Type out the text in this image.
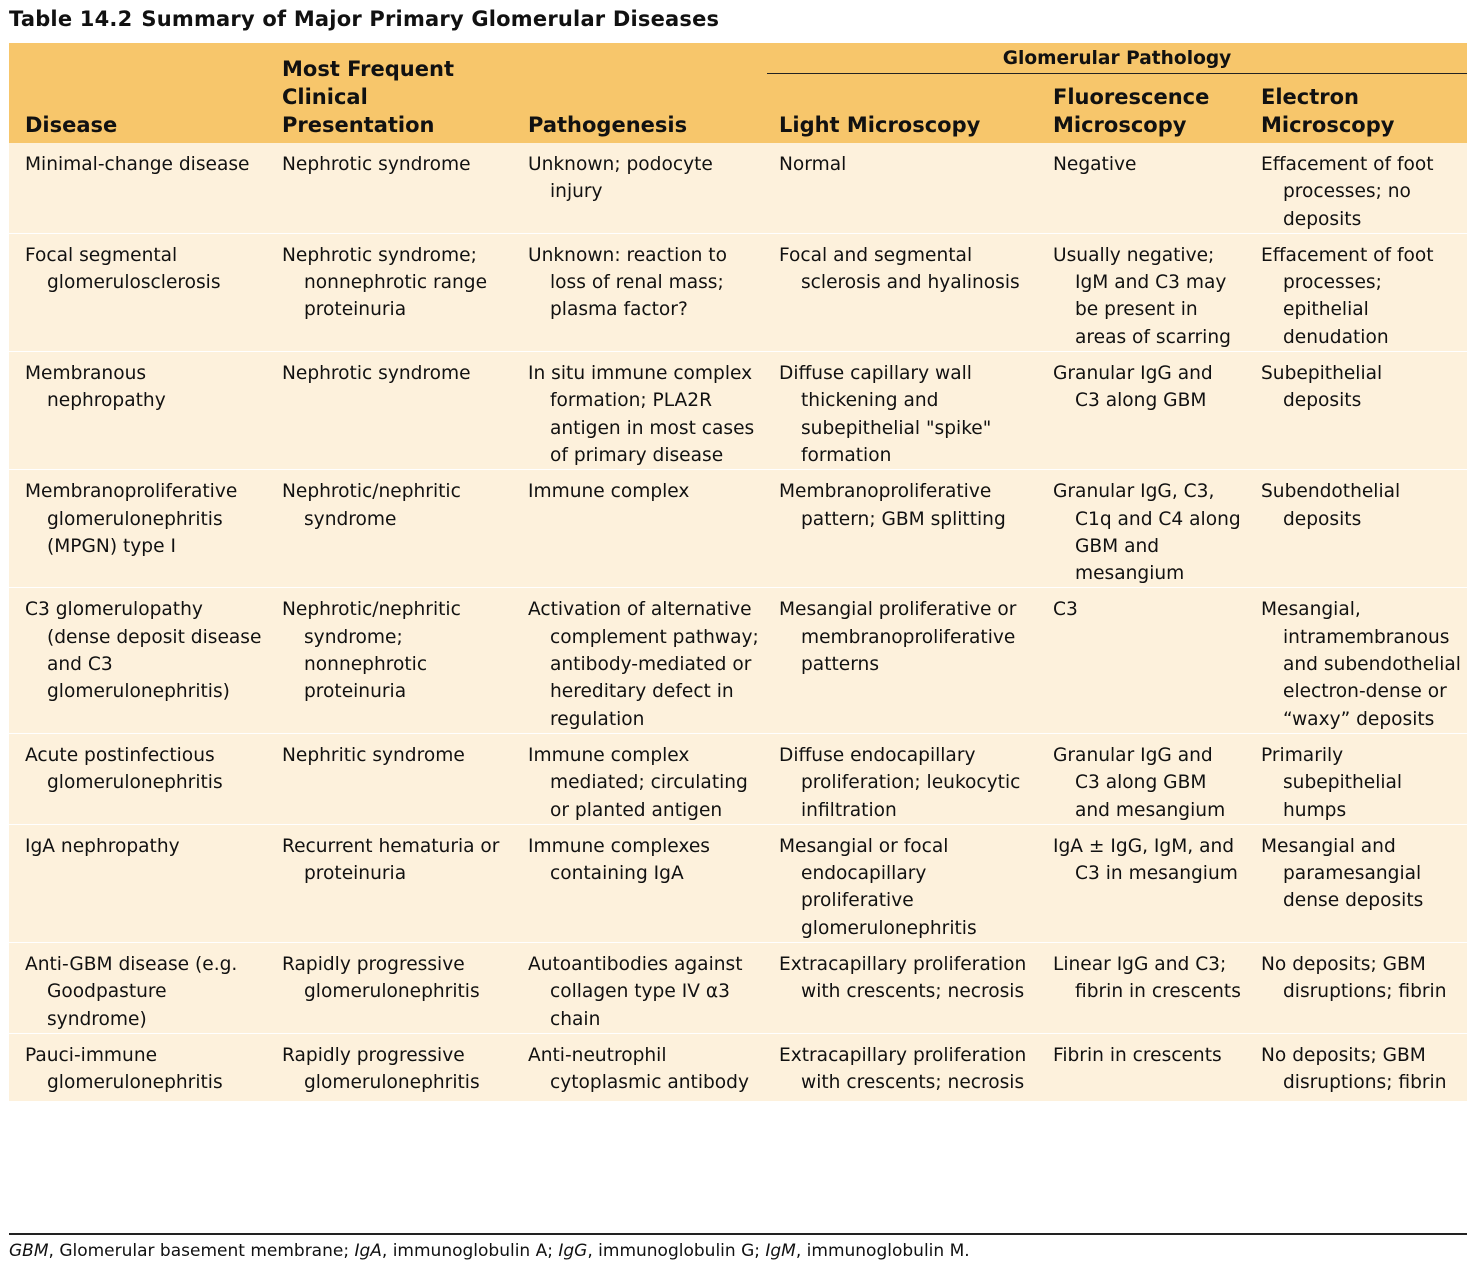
Table 14.2 Summary of Major Primary Glomerular Diseases
Disease	Most Frequent Clinical Presentation	Pathogenesis	Glomerular Pathology		

			Light Microscopy	Fluorescence Microscopy	Electron Microscopy

Minimal-change disease	Nephrotic syndrome	Unknown; podocyte injury	Normal	Negative	Effacement of foot processes; no deposits

Focal segmental glomerulosclerosis	Nephrotic syndrome; nonnephrotic range proteinuria	Unknown: reaction to loss of renal mass; plasma factor?	Focal and segmental sclerosis and hyalinosis	Usually negative; IgM and C3 may be present in areas of scarring	Effacement of foot processes; epithelial denudation

Membranous nephropathy	Nephrotic syndrome	In situ immune complex formation; PLA2R antigen in most cases of primary disease	Diffuse capillary wall thickening and subepithelial "spike" formation	Granular IgG and C3 along GBM	Subepithelial deposits

Membranoproliferative glomerulonephritis (MPGN) type I	Nephrotic/nephritic syndrome	Immune complex	Membranoproliferative pattern; GBM splitting	Granular IgG, C3, C1q and C4 along GBM and mesangium	Subendothelial deposits

C3 glomerulopathy (dense deposit disease and C3 glomerulonephritis)	Nephrotic/nephritic syndrome; nonnephrotic proteinuria	Activation of alternative complement pathway; antibody-mediated or hereditary defect in regulation	Mesangial proliferative or membranoproliferative patterns	C3	Mesangial, intramembranous and subendothelial electron-dense or “waxy” deposits

Acute postinfectious glomerulonephritis	Nephritic syndrome	Immune complex mediated; circulating or planted antigen	Diffuse endocapillary proliferation; leukocytic infiltration	Granular IgG and C3 along GBM and mesangium	Primarily subepithelial humps

IgA nephropathy	Recurrent hematuria or proteinuria	Immune complexes containing IgA	Mesangial or focal endocapillary proliferative glomerulonephritis	IgA ± IgG, IgM, and C3 in mesangium	Mesangial and paramesangial dense deposits

Anti-GBM disease (e.g. Goodpasture syndrome)	Rapidly progressive glomerulonephritis	Autoantibodies against collagen type IV α3 chain	Extracapillary proliferation with crescents; necrosis	Linear IgG and C3; fibrin in crescents	No deposits; GBM disruptions; fibrin

Pauci-immune glomerulonephritis	Rapidly progressive glomerulonephritis	Anti-neutrophil cytoplasmic antibody	Extracapillary proliferation with crescents; necrosis	Fibrin in crescents	No deposits; GBM disruptions; fibrin
GBM, Glomerular basement membrane; IgA, immunoglobulin A; IgG, immunoglobulin G; IgM, immunoglobulin M.
